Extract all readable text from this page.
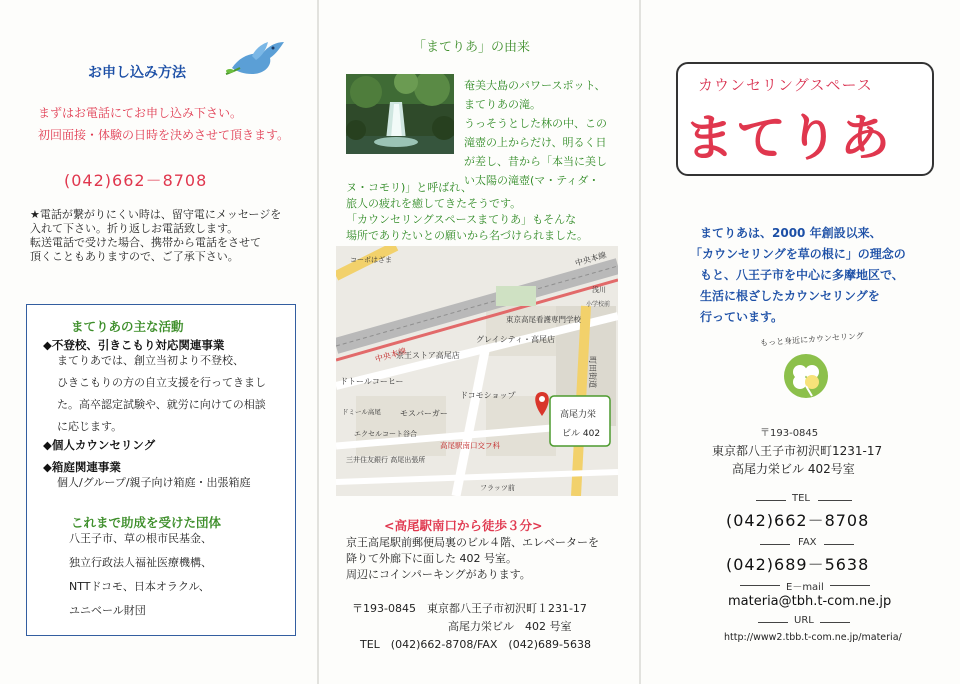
お申し込み方法
まずはお電話にてお申し込み下さい。
初回面接・体験の日時を決めさせて頂きます。
(042)662－8708
★電話が繋がりにくい時は、留守電にメッセージを
入れて下さい。折り返しお電話致します。
転送電話で受けた場合、携帯から電話をさせて
頂くこともありますので、ご了承下さい。
まてりあの主な活動
◆不登校、引きこもり対応関連事業
まてりあでは、創立当初より不登校、
ひきこもりの方の自立支援を行ってきまし
た。高卒認定試験や、就労に向けての相談
に応じます。
◆個人カウンセリング
◆箱庭関連事業
個人/グループ/親子向け箱庭・出張箱庭
これまで助成を受けた団体
八王子市、草の根市民基金、
独立行政法人福祉医療機構、
NTTドコモ、日本オラクル、
ユニベール財団
「まてりあ」の由来
奄美大島のパワースポット、
まてりあの滝。
うっそうとした林の中、この
滝壺の上からだけ、明るく日
が差し、昔から「本当に美し
い太陽の滝壺(マ・ティダ・
ヌ・コモリ)」と呼ばれ、
旅人の疲れを癒してきたそうです。
「カウンセリングスペースまてりあ」もそんな
場所でありたいとの願いから名づけられました。
高尾力栄
ビル 402
コーポはざま
中央本線
中央本線
浅川
小学校前
東京高尾看護専門学校
グレイシティ・高尾店
京王ストア高尾店
町田街道
ドトールコーヒー
ドコモショップ
ドミール高尾 モスバーガー
エクセルコート谷合
高尾駅南口交フ科
三井住友銀行 高尾出張所
フラッツ前
<高尾駅南口から徒歩３分>
京王高尾駅前郵便局裏のビル４階、エレベーターを
降りて外廊下に面した 402 号室。
周辺にコインパーキングがあります。
〒193-0845　東京都八王子市初沢町１231-17
高尾力栄ビル　402 号室
TEL　(042)662-8708/FAX　(042)689-5638
カウンセリングスペース
まてりあ
まてりあは、2000 年創設以来、
「カウンセリングを草の根に」の理念の
もと、八王子市を中心に多摩地区で、
生活に根ざしたカウンセリングを
行っています。
もっと身近にカウンセリング
〒193-0845
東京都八王子市初沢町1231-17
高尾力栄ビル 402号室
TEL
(042)662－8708
FAX
(042)689－5638
E－mail
materia@tbh.t-com.ne.jp
URL
http://www2.tbb.t-com.ne.jp/materia/
